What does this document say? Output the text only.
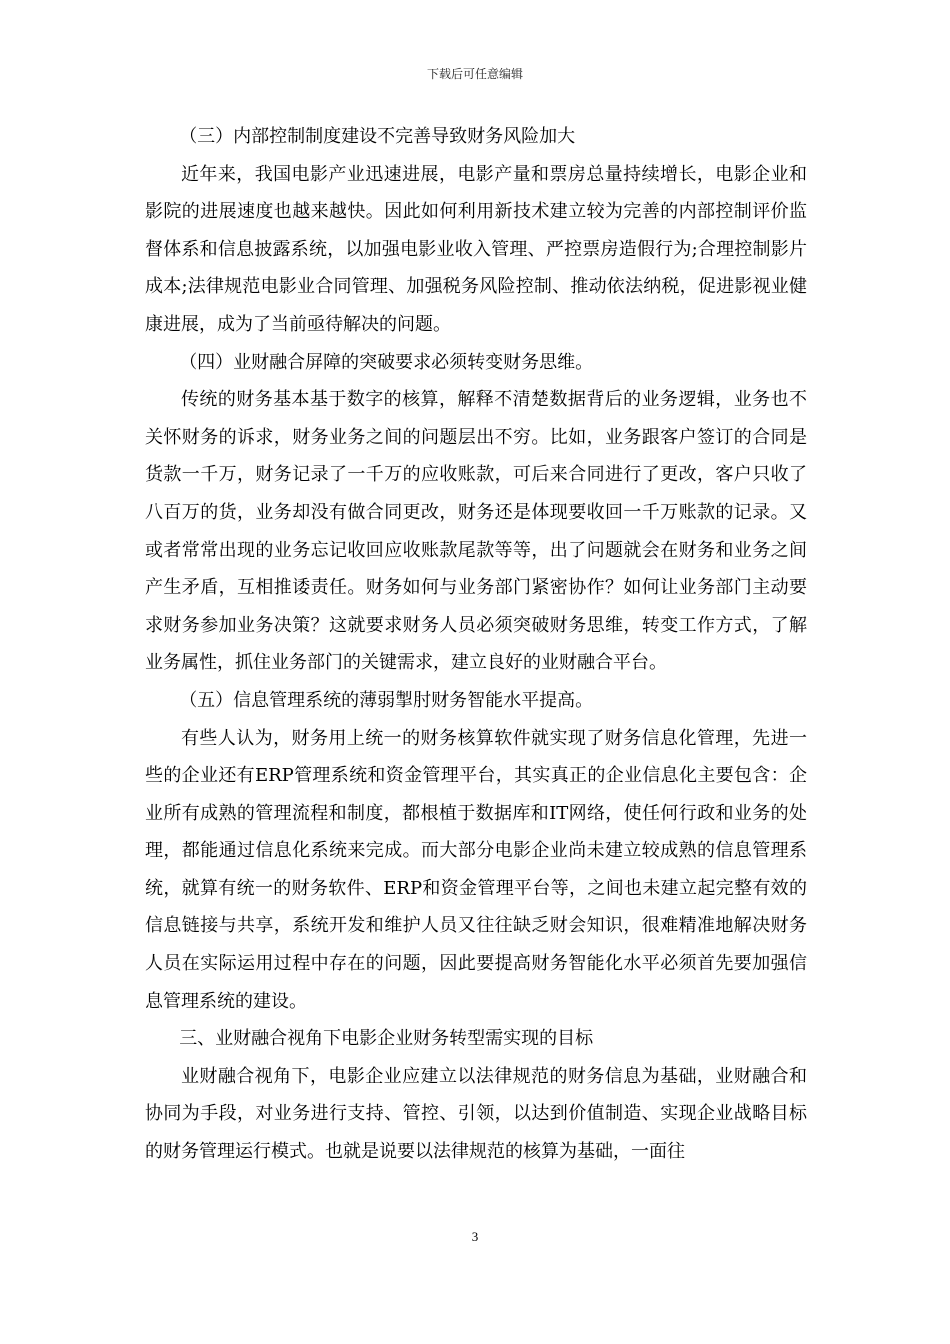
下载后可任意编辑

（三）内部控制制度建设不完善导致财务风险加大

近年来，我国电影产业迅速进展，电影产量和票房总量持续增长，电影企业和影院的进展速度也越来越快。因此如何利用新技术建立较为完善的内部控制评价监督体系和信息披露系统，以加强电影业收入管理、严控票房造假行为;合理控制影片成本;法律规范电影业合同管理、加强税务风险控制、推动依法纳税，促进影视业健康进展，成为了当前亟待解决的问题。

（四）业财融合屏障的突破要求必须转变财务思维。

传统的财务基本基于数字的核算，解释不清楚数据背后的业务逻辑，业务也不关怀财务的诉求，财务业务之间的问题层出不穷。比如，业务跟客户签订的合同是货款一千万，财务记录了一千万的应收账款，可后来合同进行了更改，客户只收了八百万的货，业务却没有做合同更改，财务还是体现要收回一千万账款的记录。又或者常常出现的业务忘记收回应收账款尾款等等，出了问题就会在财务和业务之间产生矛盾，互相推诿责任。财务如何与业务部门紧密协作？如何让业务部门主动要求财务参加业务决策？这就要求财务人员必须突破财务思维，转变工作方式，了解业务属性，抓住业务部门的关键需求，建立良好的业财融合平台。

（五）信息管理系统的薄弱掣肘财务智能水平提高。

有些人认为，财务用上统一的财务核算软件就实现了财务信息化管理，先进一些的企业还有ERP管理系统和资金管理平台，其实真正的企业信息化主要包含：企业所有成熟的管理流程和制度，都根植于数据库和IT网络，使任何行政和业务的处理，都能通过信息化系统来完成。而大部分电影企业尚未建立较成熟的信息管理系统，就算有统一的财务软件、ERP和资金管理平台等，之间也未建立起完整有效的信息链接与共享，系统开发和维护人员又往往缺乏财会知识，很难精准地解决财务人员在实际运用过程中存在的问题，因此要提高财务智能化水平必须首先要加强信息管理系统的建设。

三、业财融合视角下电影企业财务转型需实现的目标

业财融合视角下，电影企业应建立以法律规范的财务信息为基础，业财融合和协同为手段，对业务进行支持、管控、引领，以达到价值制造、实现企业战略目标的财务管理运行模式。也就是说要以法律规范的核算为基础，一面往

3
